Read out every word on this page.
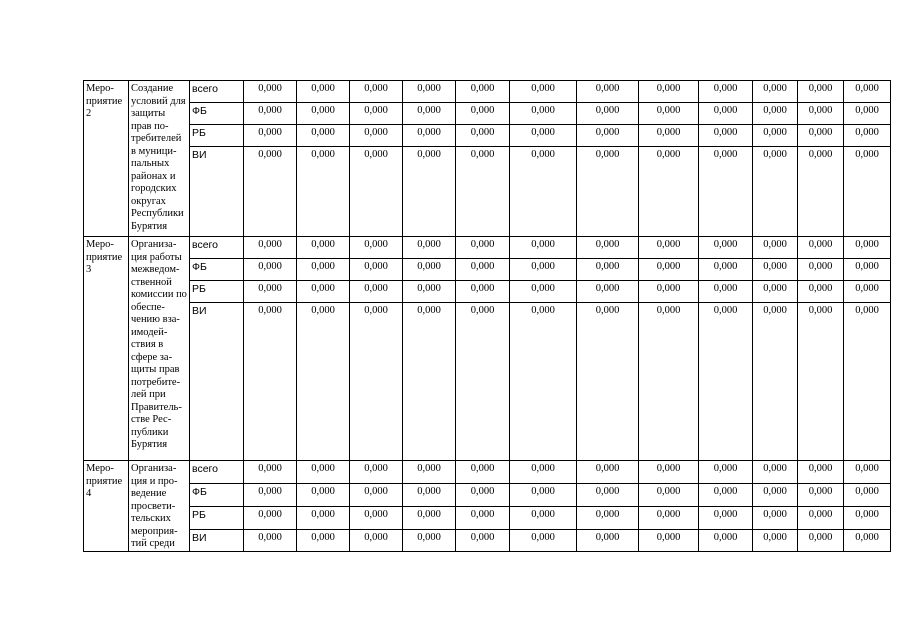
Меро-
приятие
2	Создание условий для защиты прав по-требителей в муници-пальных районах и городских округах Республики Бурятия	всего	0,000	0,000	0,000	0,000	0,000	0,000	0,000	0,000	0,000	0,000	0,000	0,000
		ФБ	0,000	0,000	0,000	0,000	0,000	0,000	0,000	0,000	0,000	0,000	0,000	0,000
		РБ	0,000	0,000	0,000	0,000	0,000	0,000	0,000	0,000	0,000	0,000	0,000	0,000
		ВИ	0,000	0,000	0,000	0,000	0,000	0,000	0,000	0,000	0,000	0,000	0,000	0,000
Меро-
приятие
3	Организа-ция работы межведом-ственной комиссии по обеспе-чению вза-имодей-ствия в сфере за-щиты прав потребите-лей при Правитель-стве Рес-публики Бурятия	всего	0,000	0,000	0,000	0,000	0,000	0,000	0,000	0,000	0,000	0,000	0,000	0,000
		ФБ	0,000	0,000	0,000	0,000	0,000	0,000	0,000	0,000	0,000	0,000	0,000	0,000
		РБ	0,000	0,000	0,000	0,000	0,000	0,000	0,000	0,000	0,000	0,000	0,000	0,000
		ВИ	0,000	0,000	0,000	0,000	0,000	0,000	0,000	0,000	0,000	0,000	0,000	0,000
Меро-
приятие
4	Организа-ция и про-ведение просвети-тельских мероприя-тий среди	всего	0,000	0,000	0,000	0,000	0,000	0,000	0,000	0,000	0,000	0,000	0,000	0,000
		ФБ	0,000	0,000	0,000	0,000	0,000	0,000	0,000	0,000	0,000	0,000	0,000	0,000
		РБ	0,000	0,000	0,000	0,000	0,000	0,000	0,000	0,000	0,000	0,000	0,000	0,000
		ВИ	0,000	0,000	0,000	0,000	0,000	0,000	0,000	0,000	0,000	0,000	0,000	0,000
